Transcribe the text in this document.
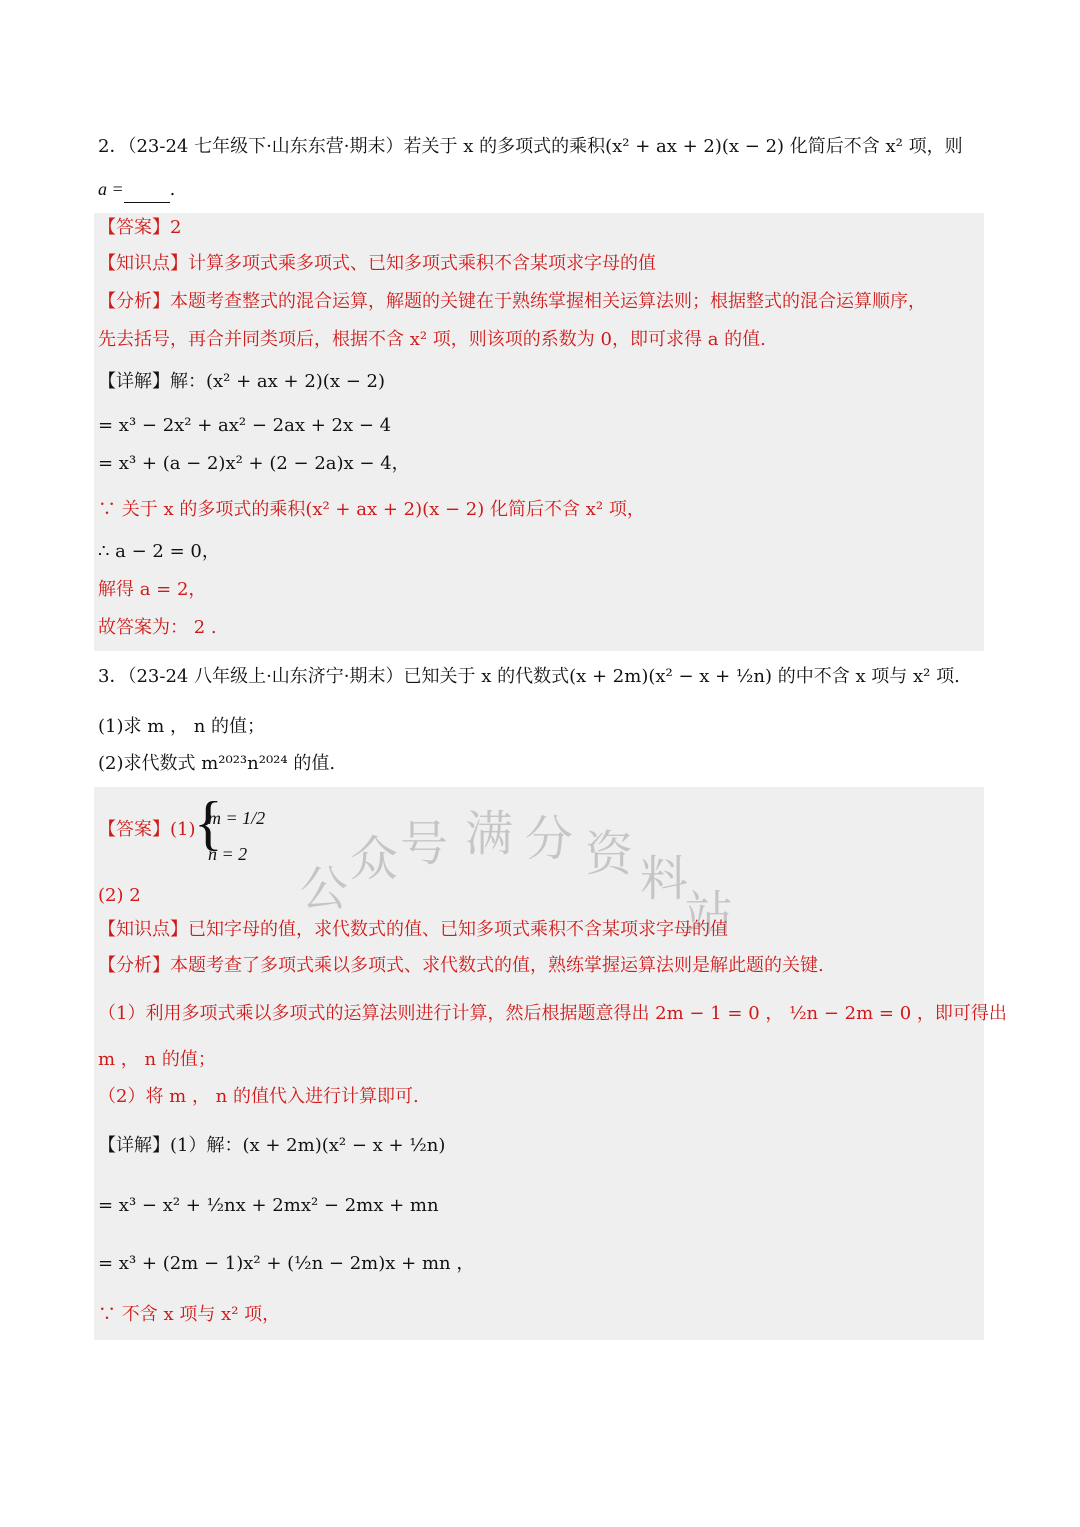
2．（23-24 七年级下·山东东营·期末）若关于 x 的多项式的乘积(x² + ax + 2)(x − 2) 化简后不含 x² 项，则
a =	.
【答案】2
【知识点】计算多项式乘多项式、已知多项式乘积不含某项求字母的值
【分析】本题考查整式的混合运算，解题的关键在于熟练掌握相关运算法则；根据整式的混合运算顺序，
先去括号，再合并同类项后，根据不含 x² 项，则该项的系数为 0，即可求得 a 的值.
【详解】解：(x² + ax + 2)(x − 2)
= x³ − 2x² + ax² − 2ax + 2x − 4
= x³ + (a − 2)x² + (2 − 2a)x − 4，
∵ 关于 x 的多项式的乘积(x² + ax + 2)(x − 2) 化简后不含 x² 项，
∴ a − 2 = 0，
解得 a = 2，
故答案为： 2 .
3．（23-24 八年级上·山东济宁·期末）已知关于 x 的代数式(x + 2m)(x² − x + ½n) 的中不含 x 项与 x² 项.
(1)求 m ， n 的值；
(2)求代数式 m²⁰²³n²⁰²⁴ 的值.
【答案】(1)
{
m = 1/2
n = 2
(2) 2
【知识点】已知字母的值，求代数式的值、已知多项式乘积不含某项求字母的值
【分析】本题考查了多项式乘以多项式、求代数式的值，熟练掌握运算法则是解此题的关键.
（1）利用多项式乘以多项式的运算法则进行计算，然后根据题意得出 2m − 1 = 0 ， ½n − 2m = 0 ，即可得出
m ， n 的值；
（2）将 m ， n 的值代入进行计算即可.
【详解】(1）解：(x + 2m)(x² − x + ½n)
= x³ − x² + ½nx + 2mx² − 2mx + mn
= x³ + (2m − 1)x² + (½n − 2m)x + mn ，
∵ 不含 x 项与 x² 项，
公
众
号 满 分 资
料
站
